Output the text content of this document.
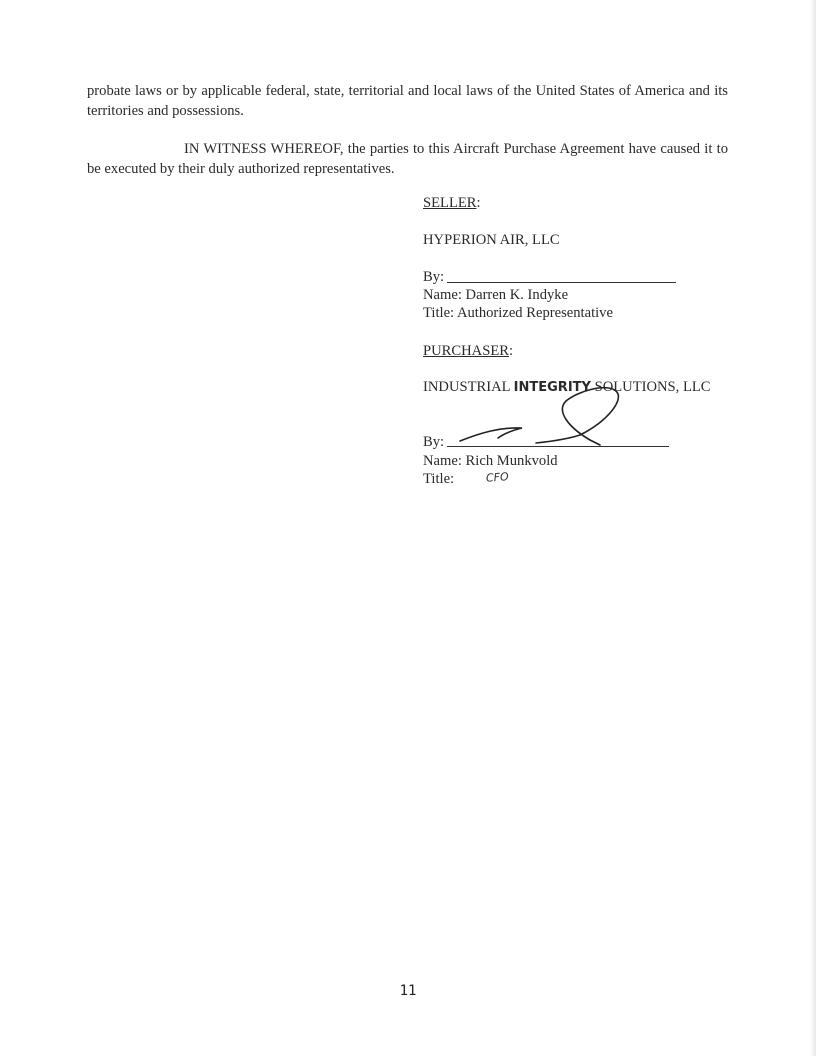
probate laws or by applicable federal, state, territorial and local laws of the United States of America and its territories and possessions.

IN WITNESS WHEREOF, the parties to this Aircraft Purchase Agreement have caused it to be executed by their duly authorized representatives.

SELLER:
HYPERION AIR, LLC
By:
Name: Darren K. Indyke
Title: Authorized Representative
PURCHASER:
INDUSTRIAL INTEGRITY SOLUTIONS, LLC
By:
Name: Rich Munkvold
Title:	CFO
11
